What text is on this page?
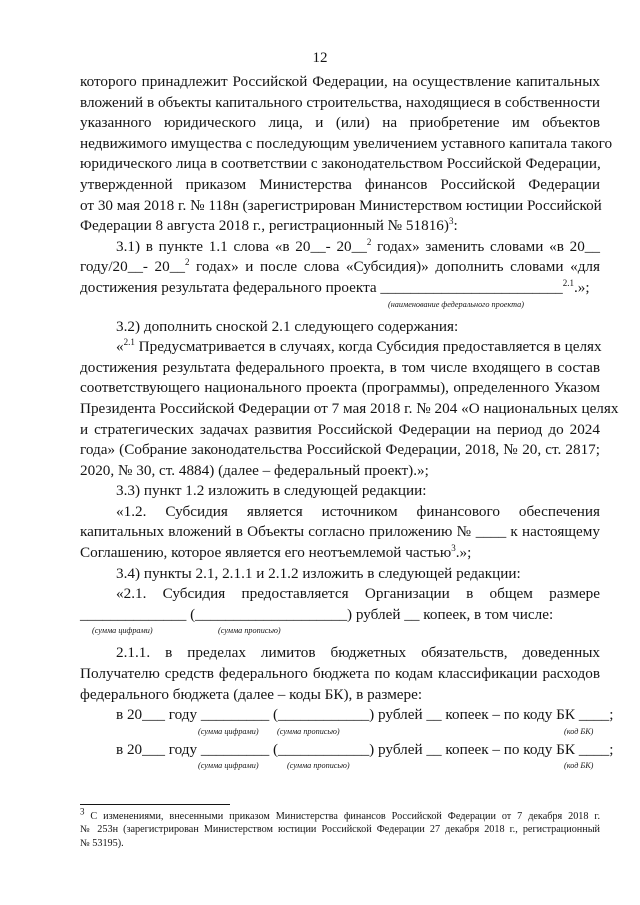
12
которого принадлежит Российской Федерации, на осуществление капитальных
вложений в объекты капитального строительства, находящиеся в собственности
указанного юридического лица, и (или) на приобретение им объектов
недвижимого имущества с последующим увеличением уставного капитала такого
юридического лица в соответствии с законодательством Российской Федерации,
утвержденной приказом Министерства финансов Российской Федерации
от 30 мая 2018 г. № 118н (зарегистрирован Министерством юстиции Российской
Федерации 8 августа 2018 г., регистрационный № 51816)$^3$:
3.1) в пункте 1.1 слова «в 20__- 20__$^2$ годах» заменить словами «в 20__
году/20__- 20__$^2$ годах» и после слова «Субсидия)» дополнить словами «для
достижения результата федерального проекта ________________________$^{2.1}$.»;
(наименование федерального проекта)
3.2) дополнить сноской 2.1 следующего содержания:
«$^{2.1}$ Предусматривается в случаях, когда Субсидия предоставляется в целях
достижения результата федерального проекта, в том числе входящего в состав
соответствующего национального проекта (программы), определенного Указом
Президента Российской Федерации от 7 мая 2018 г. № 204 «О национальных целях
и стратегических задачах развития Российской Федерации на период до 2024
года» (Собрание законодательства Российской Федерации, 2018, № 20, ст. 2817;
2020, № 30, ст. 4884) (далее – федеральный проект).»;
3.3) пункт 1.2 изложить в следующей редакции:
«1.2. Субсидия является источником финансового обеспечения
капитальных вложений в Объекты согласно приложению № ____ к настоящему
Соглашению, которое является его неотъемлемой частью$^3$.»;
3.4) пункты 2.1, 2.1.1 и 2.1.2 изложить в следующей редакции:
«2.1. Субсидия предоставляется Организации в общем размере
______________ (____________________) рублей __ копеек, в том числе:
(сумма цифрами)	(сумма прописью)
2.1.1. в пределах лимитов бюджетных обязательств, доведенных
Получателю средств федерального бюджета по кодам классификации расходов
федерального бюджета (далее – коды БК), в размере:
в 20___ году _________ (____________) рублей __ копеек – по коду БК ____;
(сумма цифрами) (сумма прописью)	(код БК)
в 20___ году _________ (____________) рублей __ копеек – по коду БК ____;
(сумма цифрами)	(сумма прописью)	(код БК)
$^3$ С изменениями, внесенными приказом Министерства финансов Российской Федерации от 7 декабря 2018 г.
№ 253н (зарегистрирован Министерством юстиции Российской Федерации 27 декабря 2018 г., регистрационный
№ 53195).
